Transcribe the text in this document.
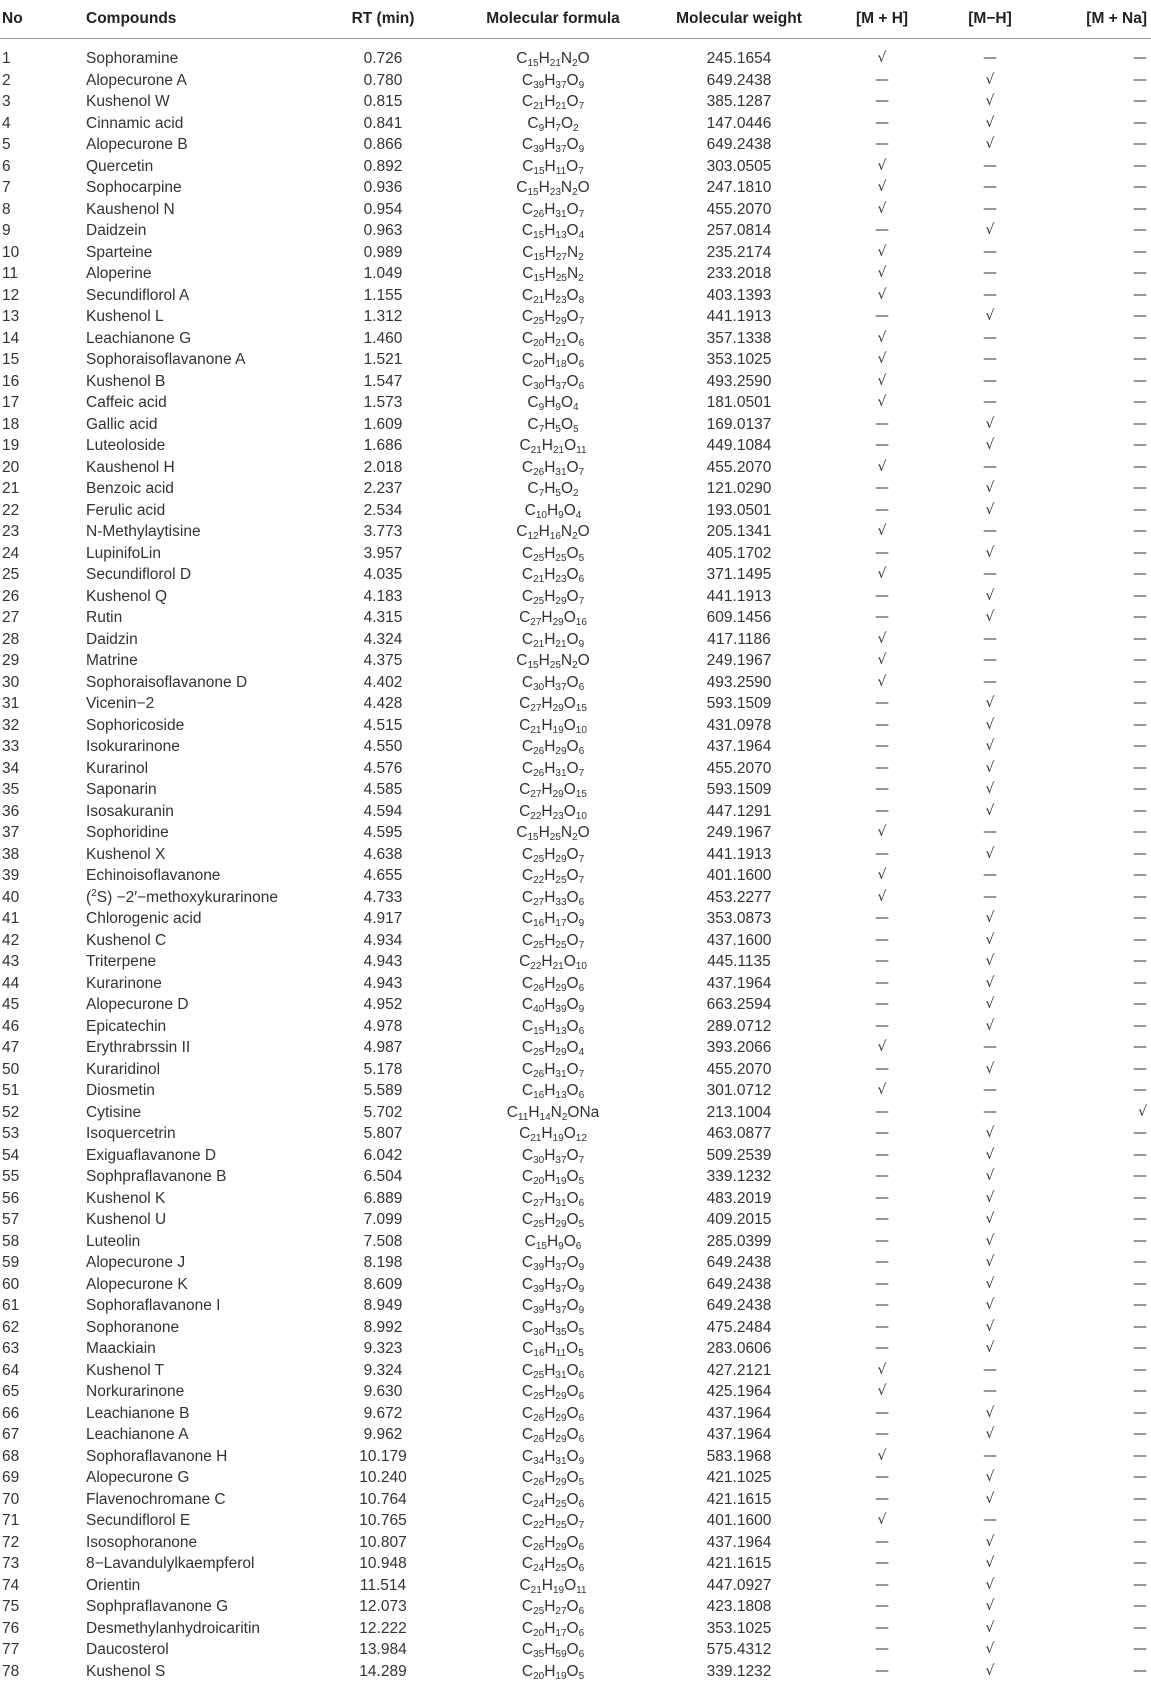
No	Compounds	RT (min)	Molecular formula	Molecular weight	[M + H]	[M−H]	[M + Na]
1	Sophoramine	0.726	$C_{15}H_{21}N_2O$	245.1654	√	—	—
2	Alopecurone A	0.780	$C_{39}H_{37}O_9$	649.2438	—	√	—
3	Kushenol W	0.815	$C_{21}H_{21}O_7$	385.1287	—	√	—
4	Cinnamic acid	0.841	$C_9H_7O_2$	147.0446	—	√	—
5	Alopecurone B	0.866	$C_{39}H_{37}O_9$	649.2438	—	√	—
6	Quercetin	0.892	$C_{15}H_{11}O_7$	303.0505	√	—	—
7	Sophocarpine	0.936	$C_{15}H_{23}N_2O$	247.1810	√	—	—
8	Kaushenol N	0.954	$C_{26}H_{31}O_7$	455.2070	√	—	—
9	Daidzein	0.963	$C_{15}H_{13}O_4$	257.0814	—	√	—
10	Sparteine	0.989	$C_{15}H_{27}N_2$	235.2174	√	—	—
11	Aloperine	1.049	$C_{15}H_{25}N_2$	233.2018	√	—	—
12	Secundiflorol A	1.155	$C_{21}H_{23}O_8$	403.1393	√	—	—
13	Kushenol L	1.312	$C_{25}H_{29}O_7$	441.1913	—	√	—
14	Leachianone G	1.460	$C_{20}H_{21}O_6$	357.1338	√	—	—
15	Sophoraisoflavanone A	1.521	$C_{20}H_{18}O_6$	353.1025	√	—	—
16	Kushenol B	1.547	$C_{30}H_{37}O_6$	493.2590	√	—	—
17	Caffeic acid	1.573	$C_9H_9O_4$	181.0501	√	—	—
18	Gallic acid	1.609	$C_7H_5O_5$	169.0137	—	√	—
19	Luteoloside	1.686	$C_{21}H_{21}O_{11}$	449.1084	—	√	—
20	Kaushenol H	2.018	$C_{26}H_{31}O_7$	455.2070	√	—	—
21	Benzoic acid	2.237	$C_7H_5O_2$	121.0290	—	√	—
22	Ferulic acid	2.534	$C_{10}H_9O_4$	193.0501	—	√	—
23	N-Methylaytisine	3.773	$C_{12}H_{16}N_2O$	205.1341	√	—	—
24	LupinifoLin	3.957	$C_{25}H_{25}O_5$	405.1702	—	√	—
25	Secundiflorol D	4.035	$C_{21}H_{23}O_6$	371.1495	√	—	—
26	Kushenol Q	4.183	$C_{25}H_{29}O_7$	441.1913	—	√	—
27	Rutin	4.315	$C_{27}H_{29}O_{16}$	609.1456	—	√	—
28	Daidzin	4.324	$C_{21}H_{21}O_9$	417.1186	√	—	—
29	Matrine	4.375	$C_{15}H_{25}N_2O$	249.1967	√	—	—
30	Sophoraisoflavanone D	4.402	$C_{30}H_{37}O_6$	493.2590	√	—	—
31	Vicenin−2	4.428	$C_{27}H_{29}O_{15}$	593.1509	—	√	—
32	Sophoricoside	4.515	$C_{21}H_{19}O_{10}$	431.0978	—	√	—
33	Isokurarinone	4.550	$C_{26}H_{29}O_6$	437.1964	—	√	—
34	Kurarinol	4.576	$C_{26}H_{31}O_7$	455.2070	—	√	—
35	Saponarin	4.585	$C_{27}H_{29}O_{15}$	593.1509	—	√	—
36	Isosakuranin	4.594	$C_{22}H_{23}O_{10}$	447.1291	—	√	—
37	Sophoridine	4.595	$C_{15}H_{25}N_2O$	249.1967	√	—	—
38	Kushenol X	4.638	$C_{25}H_{29}O_7$	441.1913	—	√	—
39	Echinoisoflavanone	4.655	$C_{22}H_{25}O_7$	401.1600	√	—	—
40	($^2$S) −2′−methoxykurarinone	4.733	$C_{27}H_{33}O_6$	453.2277	√	—	—
41	Chlorogenic acid	4.917	$C_{16}H_{17}O_9$	353.0873	—	√	—
42	Kushenol C	4.934	$C_{25}H_{25}O_7$	437.1600	—	√	—
43	Triterpene	4.943	$C_{22}H_{21}O_{10}$	445.1135	—	√	—
44	Kurarinone	4.943	$C_{26}H_{29}O_6$	437.1964	—	√	—
45	Alopecurone D	4.952	$C_{40}H_{39}O_9$	663.2594	—	√	—
46	Epicatechin	4.978	$C_{15}H_{13}O_6$	289.0712	—	√	—
47	Erythrabrssin II	4.987	$C_{25}H_{29}O_4$	393.2066	√	—	—
50	Kuraridinol	5.178	$C_{26}H_{31}O_7$	455.2070	—	√	—
51	Diosmetin	5.589	$C_{16}H_{13}O_6$	301.0712	√	—	—
52	Cytisine	5.702	$C_{11}H_{14}N_2ONa$	213.1004	—	—	√
53	Isoquercetrin	5.807	$C_{21}H_{19}O_{12}$	463.0877	—	√	—
54	Exiguaflavanone D	6.042	$C_{30}H_{37}O_7$	509.2539	—	√	—
55	Sophpraflavanone B	6.504	$C_{20}H_{19}O_5$	339.1232	—	√	—
56	Kushenol K	6.889	$C_{27}H_{31}O_6$	483.2019	—	√	—
57	Kushenol U	7.099	$C_{25}H_{29}O_5$	409.2015	—	√	—
58	Luteolin	7.508	$C_{15}H_9O_6$	285.0399	—	√	—
59	Alopecurone J	8.198	$C_{39}H_{37}O_9$	649.2438	—	√	—
60	Alopecurone K	8.609	$C_{39}H_{37}O_9$	649.2438	—	√	—
61	Sophoraflavanone I	8.949	$C_{39}H_{37}O_9$	649.2438	—	√	—
62	Sophoranone	8.992	$C_{30}H_{35}O_5$	475.2484	—	√	—
63	Maackiain	9.323	$C_{16}H_{11}O_5$	283.0606	—	√	—
64	Kushenol T	9.324	$C_{25}H_{31}O_6$	427.2121	√	—	—
65	Norkurarinone	9.630	$C_{25}H_{29}O_6$	425.1964	√	—	—
66	Leachianone B	9.672	$C_{26}H_{29}O_6$	437.1964	—	√	—
67	Leachianone A	9.962	$C_{26}H_{29}O_6$	437.1964	—	√	—
68	Sophoraflavanone H	10.179	$C_{34}H_{31}O_9$	583.1968	√	—	—
69	Alopecurone G	10.240	$C_{26}H_{29}O_5$	421.1025	—	√	—
70	Flavenochromane C	10.764	$C_{24}H_{25}O_6$	421.1615	—	√	—
71	Secundiflorol E	10.765	$C_{22}H_{25}O_7$	401.1600	√	—	—
72	Isosophoranone	10.807	$C_{26}H_{29}O_6$	437.1964	—	√	—
73	8−Lavandulylkaempferol	10.948	$C_{24}H_{25}O_6$	421.1615	—	√	—
74	Orientin	11.514	$C_{21}H_{19}O_{11}$	447.0927	—	√	—
75	Sophpraflavanone G	12.073	$C_{25}H_{27}O_6$	423.1808	—	√	—
76	Desmethylanhydroicaritin	12.222	$C_{20}H_{17}O_6$	353.1025	—	√	—
77	Daucosterol	13.984	$C_{35}H_{59}O_6$	575.4312	—	√	—
78	Kushenol S	14.289	$C_{20}H_{19}O_5$	339.1232	—	√	—
